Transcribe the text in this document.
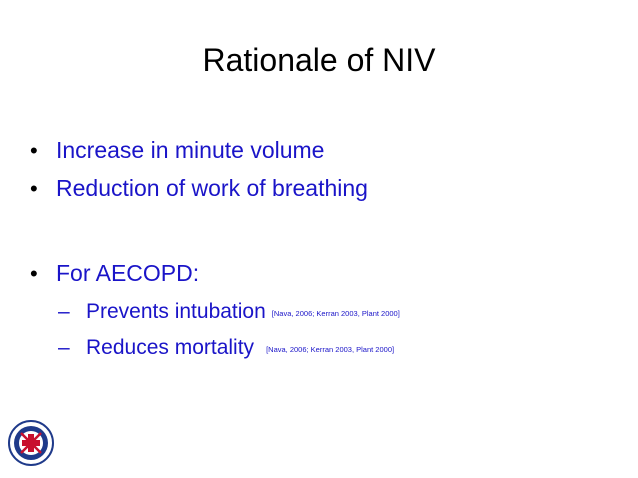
Rationale of NIV
• Increase in minute volume
• Reduction of work of breathing
• For AECOPD:
– Prevents intubation [Nava, 2006; Kerran 2003, Plant 2000]
– Reduces mortality [Nava, 2006; Kerran 2003, Plant 2000]
